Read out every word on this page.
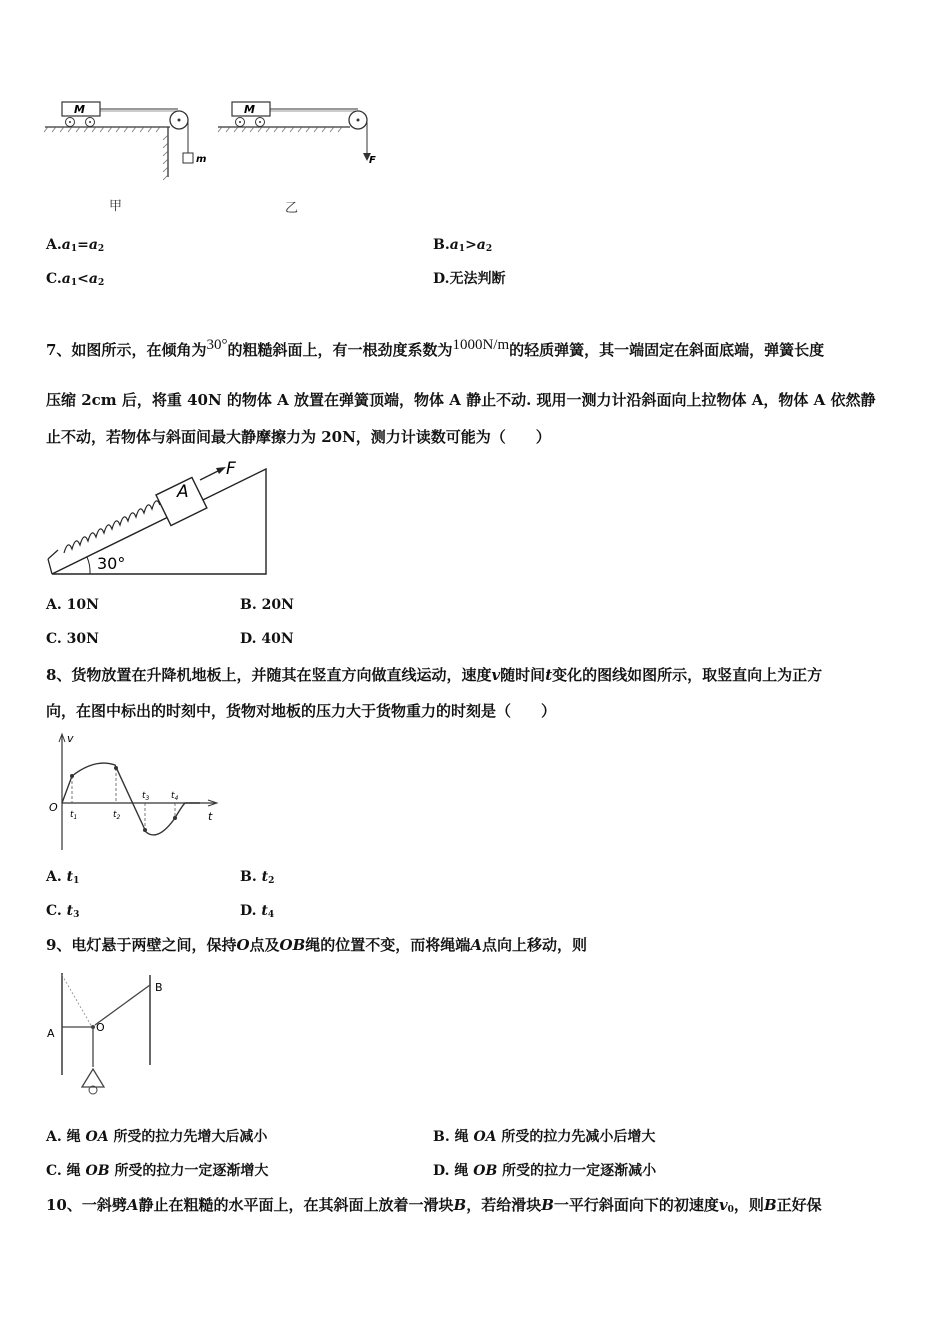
M
m
M
F
甲	乙
$A.a_1=a_2$	$B.a_1>a_2$
$C.a_1<a_2$	D.无法判断
7、如图所示，在倾角为30°的粗糙斜面上，有一根劲度系数为1000N/m的轻质弹簧，其一端固定在斜面底端，弹簧长度
压缩 2cm 后，将重 40N 的物体 A 放置在弹簧顶端，物体 A 静止不动. 现用一测力计沿斜面向上拉物体 A，物体 A 依然静
止不动，若物体与斜面间最大静摩擦力为 20N，测力计读数可能为（　　）
A
F
30°
A. 10N	B. 20N
C. 30N	D. 40N
8、货物放置在升降机地板上，并随其在竖直方向做直线运动，速度v随时间t变化的图线如图所示，取竖直向上为正方
向，在图中标出的时刻中，货物对地板的压力大于货物重力的时刻是（　　）
v
t
O
$t_1$	$t_2$
$t_3$ $t_4$
A. $t_1$	B. $t_2$
C. $t_3$	D. $t_4$
9、电灯悬于两壁之间，保持O点及OB绳的位置不变，而将绳端A点向上移动，则
A	O
B
A. 绳 OA 所受的拉力先增大后减小	B. 绳 OA 所受的拉力先减小后增大
C. 绳 OB 所受的拉力一定逐渐增大	D. 绳 OB 所受的拉力一定逐渐减小
10、一斜劈A静止在粗糙的水平面上，在其斜面上放着一滑块B，若给滑块B一平行斜面向下的初速度$v_0$，则B正好保
